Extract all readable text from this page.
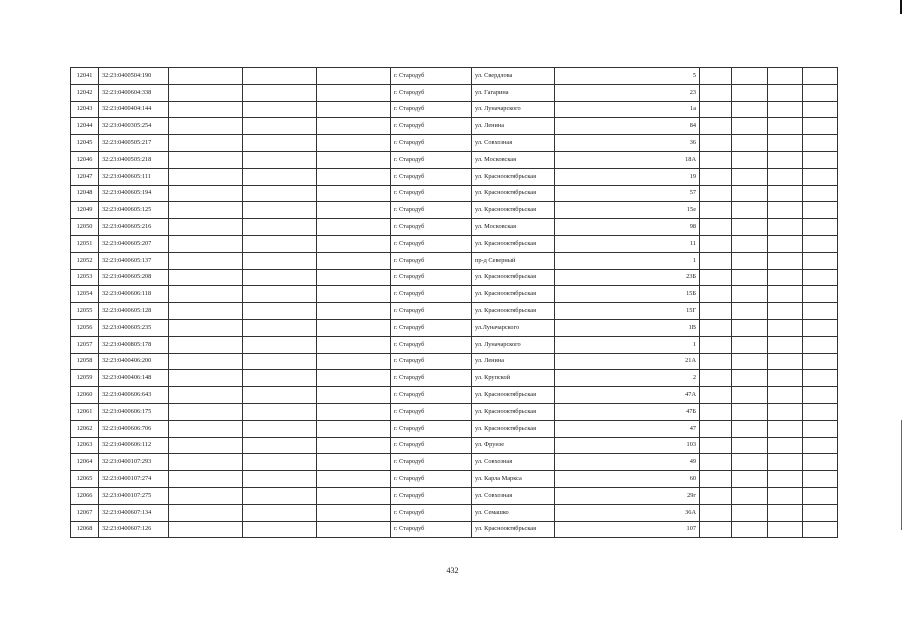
12041	32:23:0400504:190				г. Стародуб	ул. Свердлова	5				
12042	32:23:0400604:338				г. Стародуб	ул. Гагарина	23				
12043	32:23:0400404:144				г. Стародуб	ул. Луначарского	1а				
12044	32:23:0400305:254				г. Стародуб	ул. Ленина	84				
12045	32:23:0400505:217				г. Стародуб	ул. Совхозная	36				
12046	32:23:0400505:218				г. Стародуб	ул. Московская	18А				
12047	32:23:0400605:111				г. Стародуб	ул. Краснооктябрьская	19				
12048	32:23:0400605:194				г. Стародуб	ул. Краснооктябрьская	57				
12049	32:23:0400605:125				г. Стародуб	ул. Краснооктябрьская	15е				
12050	32:23:0400605:216				г. Стародуб	ул. Московская	98				
12051	32:23:0400605:207				г. Стародуб	ул. Краснооктябрьская	11				
12052	32:23:0400605:137				г. Стародуб	пр-д Северный	1				
12053	32:23:0400605:208				г. Стародуб	ул. Краснооктябрьская	23Б				
12054	32:23:0400606:118				г. Стародуб	ул. Краснооктябрьская	15Б				
12055	32:23:0400605:128				г. Стародуб	ул. Краснооктябрьская	15Г				
12056	32:23:0400605:235				г. Стародуб	ул.Луначарского	1В				
12057	32:23:0400805:178				г. Стародуб	ул. Луначарского	1				
12058	32:23:0400406:200				г. Стародуб	ул. Ленина	21А				
12059	32:23:0400406:148				г. Стародуб	ул. Крупской	2				
12060	32:23:0400606:643				г. Стародуб	ул. Краснооктябрьская	47А				
12061	32:23:0400606:175				г. Стародуб	ул. Краснооктябрьская	47Б				
12062	32:23:0400606:706				г. Стародуб	ул. Краснооктябрьская	47				
12063	32:23:0400606:112				г. Стародуб	ул. Фрунзе	103				
12064	32:23:0400107:293				г. Стародуб	ул. Совхозная	49				
12065	32:23:0400107:274				г. Стародуб	ул. Карла Маркса	60				
12066	32:23:0400107:275				г. Стародуб	ул. Совхозная	29г				
12067	32:23:0400607:134				г. Стародуб	ул. Семашко	36А				
12068	32:23:0400607:126				г. Стародуб	ул. Краснооктябрьская	107				
432
